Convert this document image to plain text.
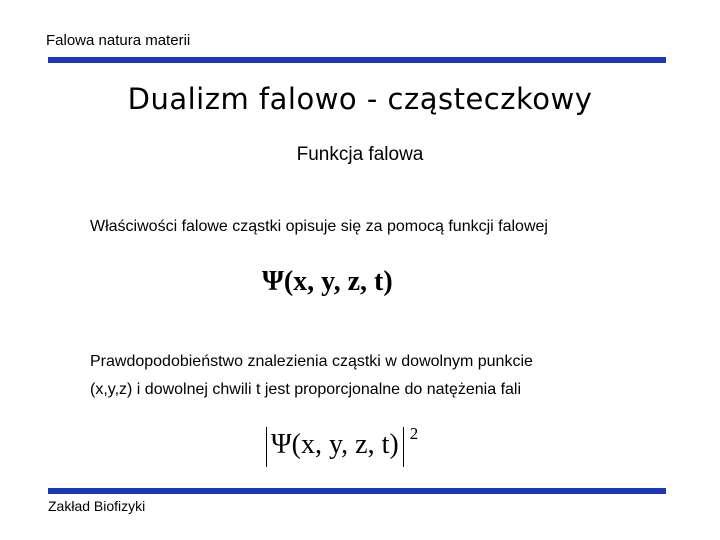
Falowa natura materii
Dualizm falowo - cząsteczkowy
Funkcja falowa
Właściwości falowe cząstki opisuje się za pomocą funkcji falowej
Ψ(x, y, z, t)
Prawdopodobieństwo znalezienia cząstki w dowolnym punkcie
(x,y,z) i dowolnej chwili t jest proporcjonalne do natężenia fali
Ψ(x, y, z, t) $^2$
Zakład Biofizyki
